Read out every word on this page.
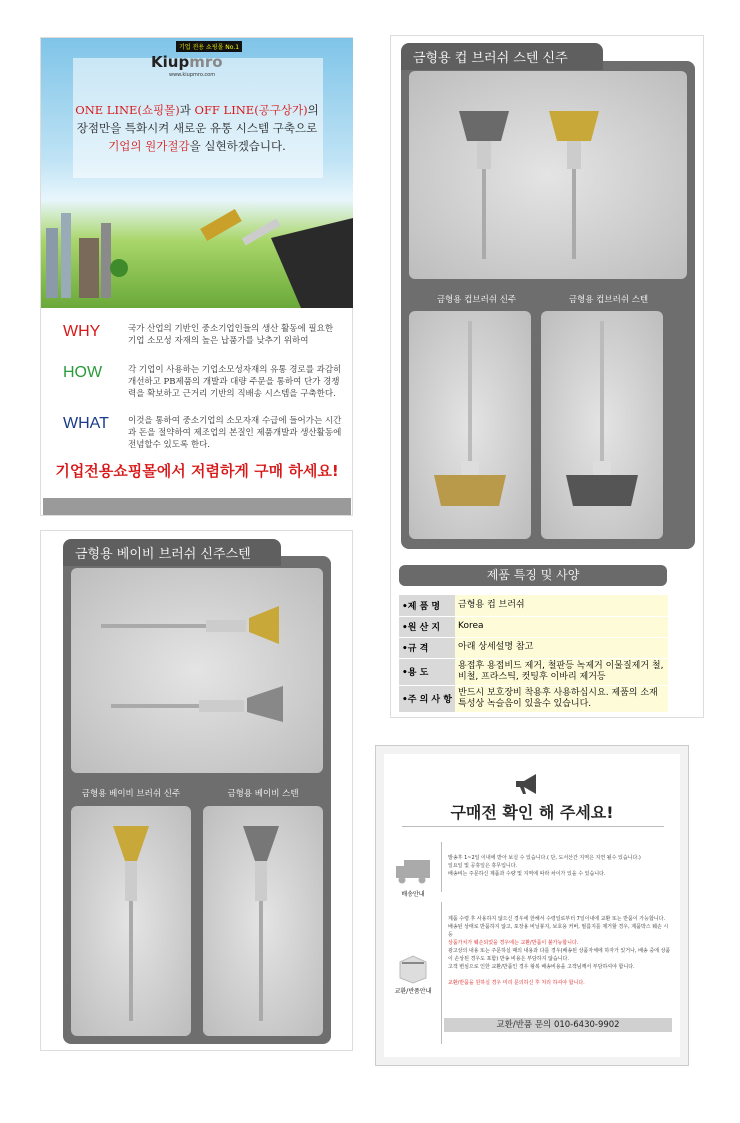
기업 전용 쇼핑몰 No.1
Kiupmro
www.kiupmro.com
ONE LINE(쇼핑몰)과 OFF LINE(공구상가)의
장점만을 특화시켜 새로운 유통 시스템 구축으로
기업의 원가절감을 실현하겠습니다.
WHY	국가 산업의 기반인 중소기업인들의 생산 활동에 필요한 기업 소모성 자재의 높은 납품가를 낮추기 위하여
HOW	각 기업이 사용하는 기업소모성자재의 유통 경로를 과감히 개선하고 PB제품의 개발과 대량 주문을 통하여 단가 경쟁력을 확보하고 근거리 기반의 직배송 시스템을 구축한다.
WHAT	이것을 통하여 중소기업의 소모자재 수급에 들어가는 시간과 돈을 절약하여 제조업의 본질인 제품개발과 생산활동에 전념할수 있도록 한다.
기업전용쇼핑몰에서 저렴하게 구매 하세요!
금형용 베이비 브러쉬 신주스텐
금형용 베이비 브러쉬 신주	금형용 베이비 스텐
금형용 컵 브러쉬 스텐 신주
금형용 컵브러쉬 신주	금형용 컵브러쉬 스텐
제품 특징 및 사양
•제 품 명	금형용 컵 브러쉬
•원 산 지	Korea
•규 격	아래 상세설명 참고
•용 도	용접후 용접비드 제거, 철판등 녹제거 이물질제거 철, 비철, 프라스틱, 컷팅후 이바리 제거등
•주 의 사 항	반드시 보호장비 착용후 사용하십시요. 제품의 소재 특성상 녹슬음이 있을수 있습니다.
구매전 확인 해 주세요!
배송안내
발송후 1~2일 이내에 받아 보실 수 있습니다.( 단, 도서산간 지역은 지연 될수 있습니다.)
일요일 및 공휴일은 휴무입니다.
배송비는 주문하신 제품과 수량 및 지역에 따라 차이가 있을 수 있습니다.
교환/반품안내
제품 수령 후 사용하지 않으신 경우에 한해서 수령일로부터 7일이내에 교환 또는 반품이 가능합니다.
배송된 상태로 반품하지 않고, 포장용 비닐봉지, 보호용 커버, 필름지를 제거할 경우, 제품박스 훼손 시등
상품가치가 훼손되었을 경우에는 교환/반품이 불가능합니다.
광고상의 내용 또는 주문하실 때의 내용과 다를 경우(배송된 상품자체에 하자가 있거나, 배송 중에 상품이 손상된 경우도 포함) 반송 비용은 부담하지 않습니다.
고객 변심으로 인한 교환/반품인 경우 왕복 배송비용을 고객님께서 부담하셔야 합니다.
교환/반품을 원하실 경우 미리 문의하신 후 처리 하셔야 합니다.
교환/반품 문의 010-6430-9902
